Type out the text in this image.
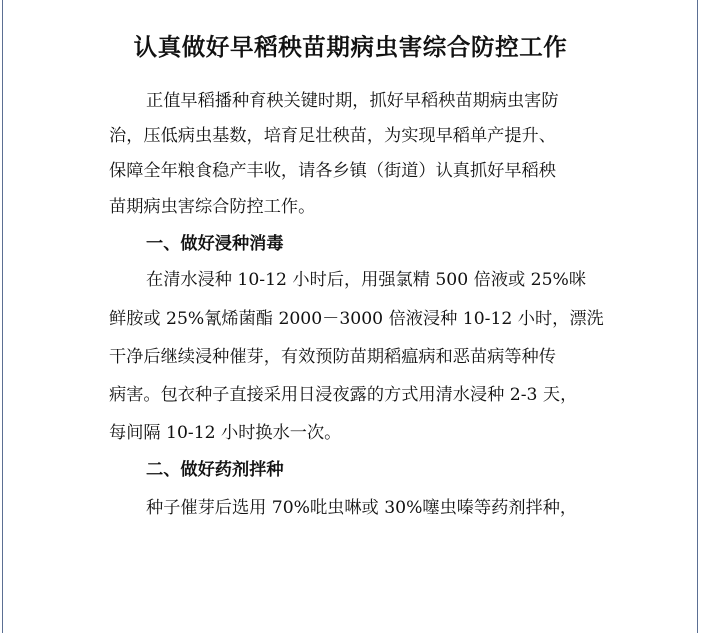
认真做好早稻秧苗期病虫害综合防控工作
正值早稻播种育秧关键时期，抓好早稻秧苗期病虫害防
治，压低病虫基数，培育足壮秧苗，为实现早稻单产提升、
保障全年粮食稳产丰收，请各乡镇（街道）认真抓好早稻秧
苗期病虫害综合防控工作。
一、做好浸种消毒
在清水浸种 10-12 小时后，用强氯精 500 倍液或 25%咪
鲜胺或 25%氰烯菌酯 2000－3000 倍液浸种 10-12 小时，漂洗
干净后继续浸种催芽，有效预防苗期稻瘟病和恶苗病等种传
病害。包衣种子直接采用日浸夜露的方式用清水浸种 2-3 天，
每间隔 10-12 小时换水一次。
二、做好药剂拌种
种子催芽后选用 70%吡虫啉或 30%噻虫嗪等药剂拌种，
